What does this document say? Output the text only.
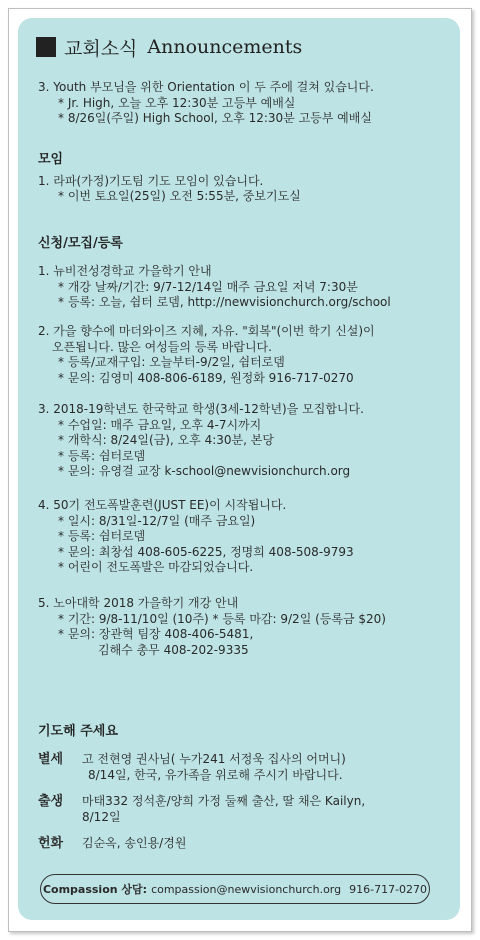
교회소식 Announcements
3. Youth 부모님을 위한 Orientation 이 두 주에 걸쳐 있습니다.
* Jr. High, 오늘 오후 12:30분 고등부 예배실
* 8/26일(주일) High School, 오후 12:30분 고등부 예배실
모임
1. 라파(가정)기도팀 기도 모임이 있습니다.
* 이번 토요일(25일) 오전 5:55분, 중보기도실
신청/모집/등록
1. 뉴비전성경학교 가을학기 안내
* 개강 날짜/기간: 9/7-12/14일 매주 금요일 저녁 7:30분
* 등록: 오늘, 쉼터 로뎀, http://newvisionchurch.org/school
2. 가을 향수에 마더와이즈 지혜, 자유. "회복"(이번 학기 신설)이
오픈됩니다. 많은 여성들의 등록 바랍니다.
* 등록/교재구입: 오늘부터-9/2일, 쉼터로뎀
* 문의: 김영미 408-806-6189, 원정화 916-717-0270
3. 2018-19학년도 한국학교 학생(3세-12학년)을 모집합니다.
* 수업일: 매주 금요일, 오후 4-7시까지
* 개학식: 8/24일(금), 오후 4:30분, 본당
* 등록: 쉼터로뎀
* 문의: 유영걸 교장 k-school@newvisionchurch.org
4. 50기 전도폭발훈련(JUST EE)이 시작됩니다.
* 일시: 8/31일-12/7일 (매주 금요일)
* 등록: 쉼터로뎀
* 문의: 최창섭 408-605-6225, 정명희 408-508-9793
* 어린이 전도폭발은 마감되었습니다.
5. 노아대학 2018 가을학기 개강 안내
* 기간: 9/8-11/10일 (10주) * 등록 마감: 9/2일 (등록금 $20)
* 문의: 장관혁 팀장 408-406-5481,
김해수 총무 408-202-9335
기도해 주세요
별세	고 전현영 권사님( 누가241 서정욱 집사의 어머니)
8/14일, 한국, 유가족을 위로해 주시기 바랍니다.
출생	마태332 정석훈/양희 가정 둘째 출산, 딸 채은 Kailyn,
8/12일
헌화	김순옥, 송인용/경원
Compassion 상담: compassion@newvisionchurch.org 916-717-0270
